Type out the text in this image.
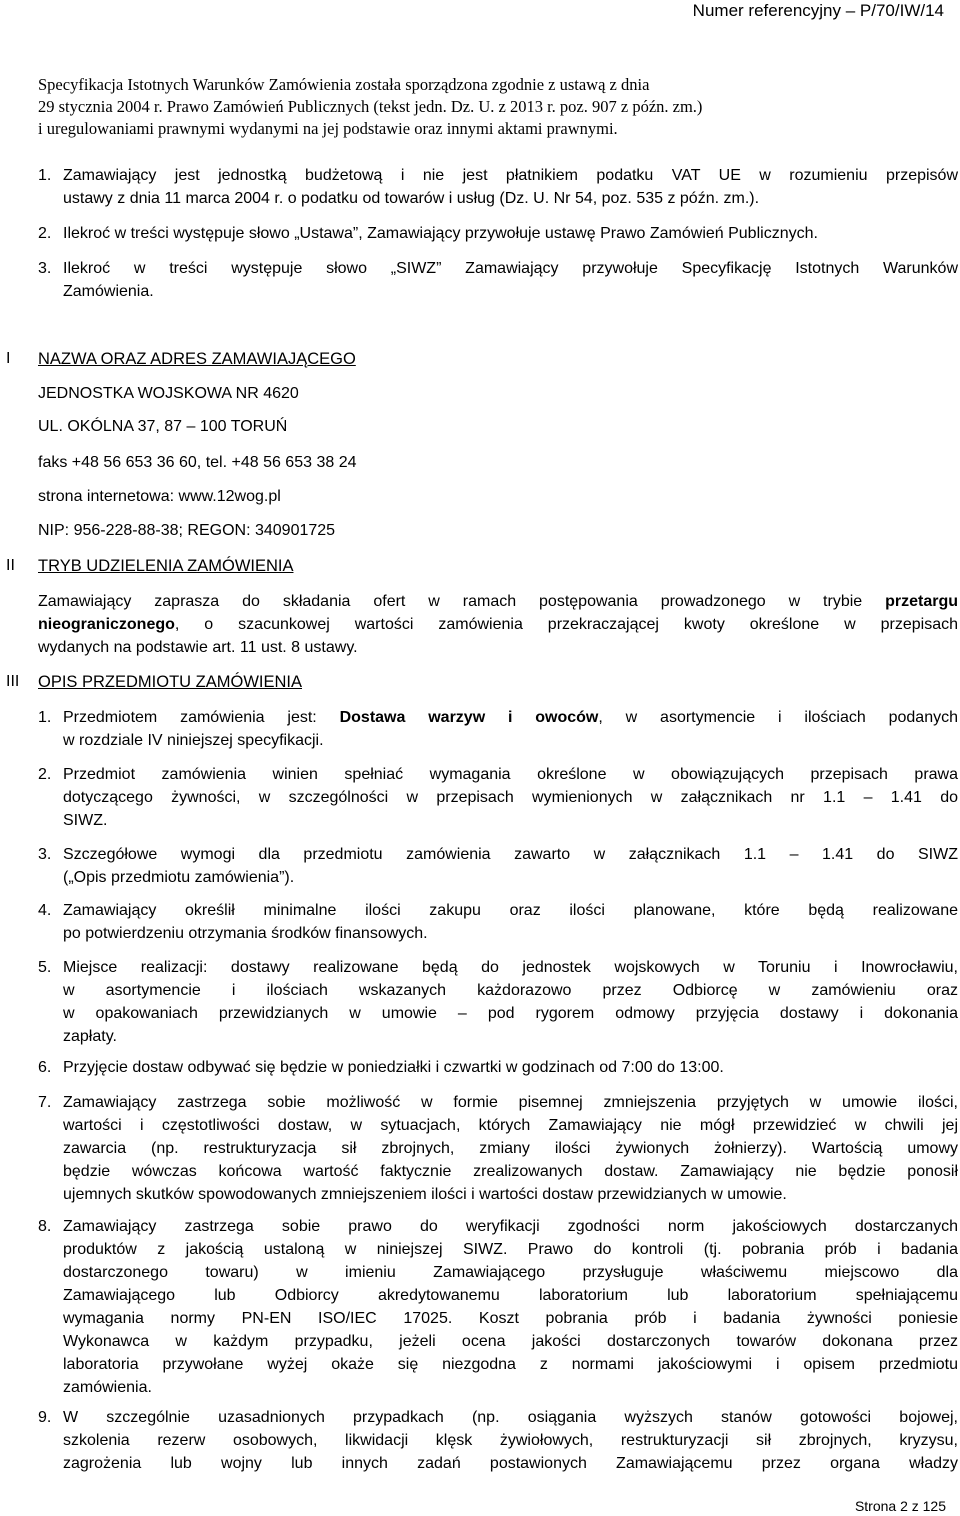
Numer referencyjny – P/70/IW/14
Specyfikacja Istotnych Warunków Zamówienia została sporządzona zgodnie z ustawą z dnia
29 stycznia 2004 r. Prawo Zamówień Publicznych (tekst jedn. Dz. U. z 2013 r. poz. 907 z późn. zm.)
i uregulowaniami prawnymi wydanymi na jej podstawie oraz innymi aktami prawnymi.
1. Zamawiający jest jednostką budżetową i nie jest płatnikiem podatku VAT UE w rozumieniu przepisów
ustawy z dnia 11 marca 2004 r. o podatku od towarów i usług (Dz. U. Nr 54, poz. 535 z późn. zm.).
2. Ilekroć w treści występuje słowo „Ustawa”, Zamawiający przywołuje ustawę Prawo Zamówień Publicznych.
3. Ilekroć w treści występuje słowo „SIWZ” Zamawiający przywołuje Specyfikację Istotnych Warunków
Zamówienia.
I NAZWA ORAZ ADRES ZAMAWIAJĄCEGO
JEDNOSTKA WOJSKOWA NR 4620
UL. OKÓLNA 37, 87 – 100 TORUŃ
faks +48 56 653 36 60, tel. +48 56 653 38 24
strona internetowa: www.12wog.pl
NIP: 956-228-88-38; REGON: 340901725
II TRYB UDZIELENIA ZAMÓWIENIA
Zamawiający zaprasza do składania ofert w ramach postępowania prowadzonego w trybie przetargu
nieograniczonego, o szacunkowej wartości zamówienia przekraczającej kwoty określone w przepisach
wydanych na podstawie art. 11 ust. 8 ustawy.
III OPIS PRZEDMIOTU ZAMÓWIENIA
1. Przedmiotem zamówienia jest: Dostawa warzyw i owoców, w asortymencie i ilościach podanych
w rozdziale IV niniejszej specyfikacji.
2. Przedmiot zamówienia winien spełniać wymagania określone w obowiązujących przepisach prawa
dotyczącego żywności, w szczególności w przepisach wymienionych w załącznikach nr 1.1 – 1.41 do
SIWZ.
3. Szczegółowe wymogi dla przedmiotu zamówienia zawarto w załącznikach 1.1 – 1.41 do SIWZ
(„Opis przedmiotu zamówienia”).
4. Zamawiający określił minimalne ilości zakupu oraz ilości planowane, które będą realizowane
po potwierdzeniu otrzymania środków finansowych.
5. Miejsce realizacji: dostawy realizowane będą do jednostek wojskowych w Toruniu i Inowrocławiu,
w asortymencie i ilościach wskazanych każdorazowo przez Odbiorcę w zamówieniu oraz
w opakowaniach przewidzianych w umowie – pod rygorem odmowy przyjęcia dostawy i dokonania
zapłaty.
6. Przyjęcie dostaw odbywać się będzie w poniedziałki i czwartki w godzinach od 7:00 do 13:00.
7. Zamawiający zastrzega sobie możliwość w formie pisemnej zmniejszenia przyjętych w umowie ilości,
wartości i częstotliwości dostaw, w sytuacjach, których Zamawiający nie mógł przewidzieć w chwili jej
zawarcia (np. restrukturyzacja sił zbrojnych, zmiany ilości żywionych żołnierzy). Wartością umowy
będzie wówczas końcowa wartość faktycznie zrealizowanych dostaw. Zamawiający nie będzie ponosił
ujemnych skutków spowodowanych zmniejszeniem ilości i wartości dostaw przewidzianych w umowie.
8. Zamawiający zastrzega sobie prawo do weryfikacji zgodności norm jakościowych dostarczanych
produktów z jakością ustaloną w niniejszej SIWZ. Prawo do kontroli (tj. pobrania prób i badania
dostarczonego towaru) w imieniu Zamawiającego przysługuje właściwemu miejscowo dla
Zamawiającego lub Odbiorcy akredytowanemu laboratorium lub laboratorium spełniającemu
wymagania normy PN-EN ISO/IEC 17025. Koszt pobrania prób i badania żywności poniesie
Wykonawca w każdym przypadku, jeżeli ocena jakości dostarczonych towarów dokonana przez
laboratoria przywołane wyżej okaże się niezgodna z normami jakościowymi i opisem przedmiotu
zamówienia.
9. W szczególnie uzasadnionych przypadkach (np. osiągania wyższych stanów gotowości bojowej,
szkolenia rezerw osobowych, likwidacji klęsk żywiołowych, restrukturyzacji sił zbrojnych, kryzysu,
zagrożenia lub wojny lub innych zadań postawionych Zamawiającemu przez organa władzy
Strona 2 z 125
